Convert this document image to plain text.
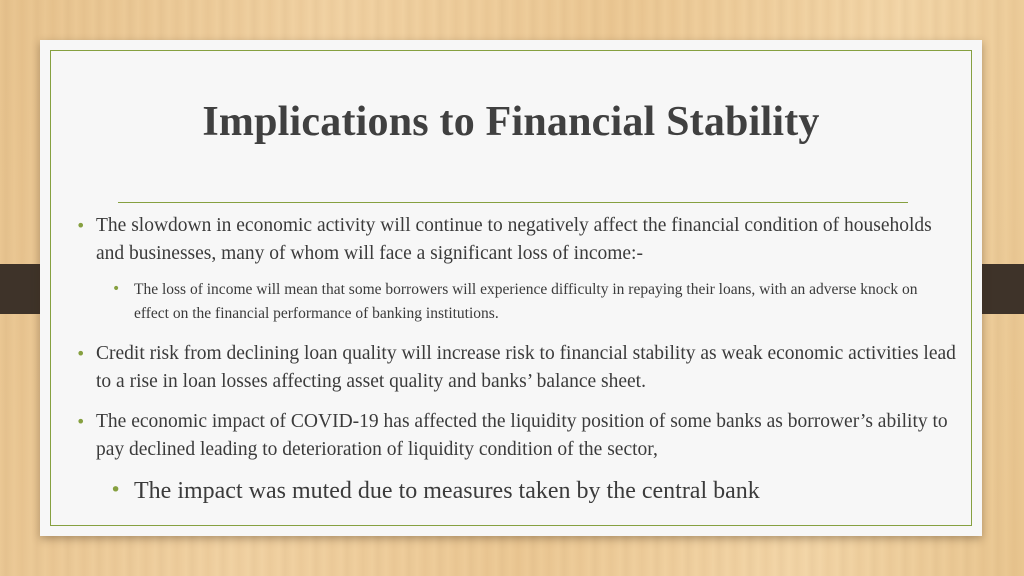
Implications to Financial Stability
• The slowdown in economic activity will continue to negatively affect the financial condition of households and businesses, many of whom will face a significant loss of income:-
• The loss of income will mean that some borrowers will experience difficulty in repaying their loans, with an adverse knock on effect on the financial performance of banking institutions.
• Credit risk from declining loan quality will increase risk to financial stability as weak economic activities lead to a rise in loan losses affecting asset quality and banks’ balance sheet.
• The economic impact of COVID-19 has affected the liquidity position of some banks as borrower’s ability to pay declined leading to deterioration of liquidity condition of the sector,
• The impact was muted due to measures taken by the central bank
